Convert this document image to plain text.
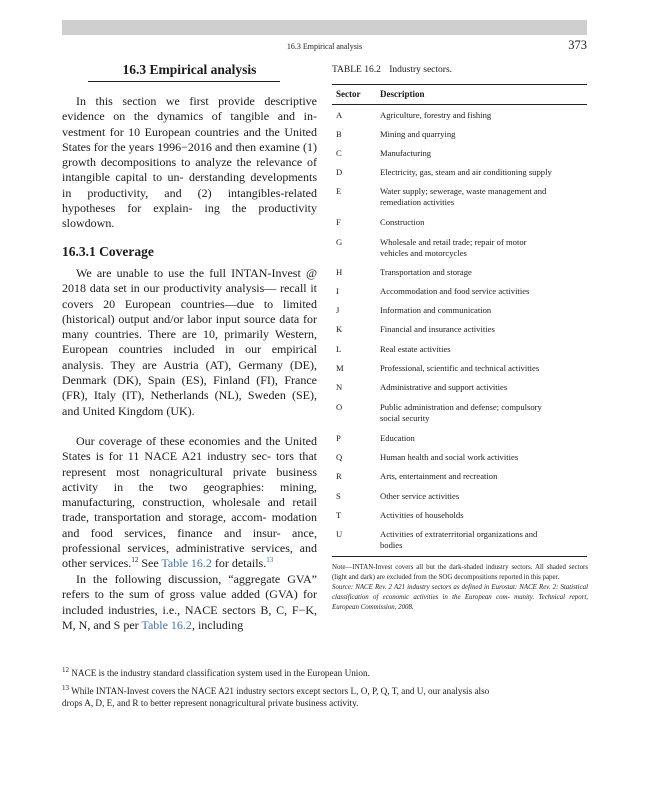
16.3 Empirical analysis	373
16.3 Empirical analysis

In this section we first provide descriptive evidence on the dynamics of tangible and in- vestment for 10 European countries and the United States for the years 1996−2016 and then examine (1) growth decompositions to analyze the relevance of intangible capital to un- derstanding developments in productivity, and (2) intangibles-related hypotheses for explain- ing the productivity slowdown.

16.3.1 Coverage

We are unable to use the full INTAN-Invest @ 2018 data set in our productivity analysis— recall it covers 20 European countries—due to limited (historical) output and/or labor input source data for many countries. There are 10, primarily Western, European countries included in our empirical analysis. They are Austria (AT), Germany (DE), Denmark (DK), Spain (ES), Finland (FI), France (FR), Italy (IT), Netherlands (NL), Sweden (SE), and United Kingdom (UK).

Our coverage of these economies and the United States is for 11 NACE A21 industry sec- tors that represent most nonagricultural private business activity in the two geographies: mining, manufacturing, construction, wholesale and retail trade, transportation and storage, accom- modation and food services, finance and insur- ance, professional services, administrative services, and other services.$^{12}$ See Table 16.2 for details.$^{13}$

In the following discussion, “aggregate GVA” refers to the sum of gross value added (GVA) for included industries, i.e., NACE sectors B, C, F−K, M, N, and S per Table 16.2, including

TABLE 16.2 Industry sectors.
Sector Description
A	Agriculture, forestry and fishing
B	Mining and quarrying
C	Manufacturing
D	Electricity, gas, steam and air conditioning supply
E	Water supply; sewerage, waste management and
remediation activities
F	Construction
G	Wholesale and retail trade; repair of motor
vehicles and motorcycles
H	Transportation and storage
I	Accommodation and food service activities
J	Information and communication
K	Financial and insurance activities
L	Real estate activities
M	Professional, scientific and technical activities
N	Administrative and support activities
O	Public administration and defense; compulsory
social security
P	Education
Q	Human health and social work activities
R	Arts, entertainment and recreation
S	Other service activities
T	Activities of households
U	Activities of extraterritorial organizations and
bodies

Note—INTAN-Invest covers all but the dark-shaded industry sectors. All shaded sectors (light and dark) are excluded from the SOG decompositions reported in this paper.
Source: NACE Rev. 2 A21 industry sectors as defined in Eurostat: NACE Rev. 2: Statistical classification of economic activities in the European com- munity. Technical report, European Commission, 2008.

$^{12}$ NACE is the industry standard classification system used in the European Union.

$^{13}$ While INTAN-Invest covers the NACE A21 industry sectors except sectors L, O, P, Q, T, and U, our analysis also
drops A, D, E, and R to better represent nonagricultural private business activity.
